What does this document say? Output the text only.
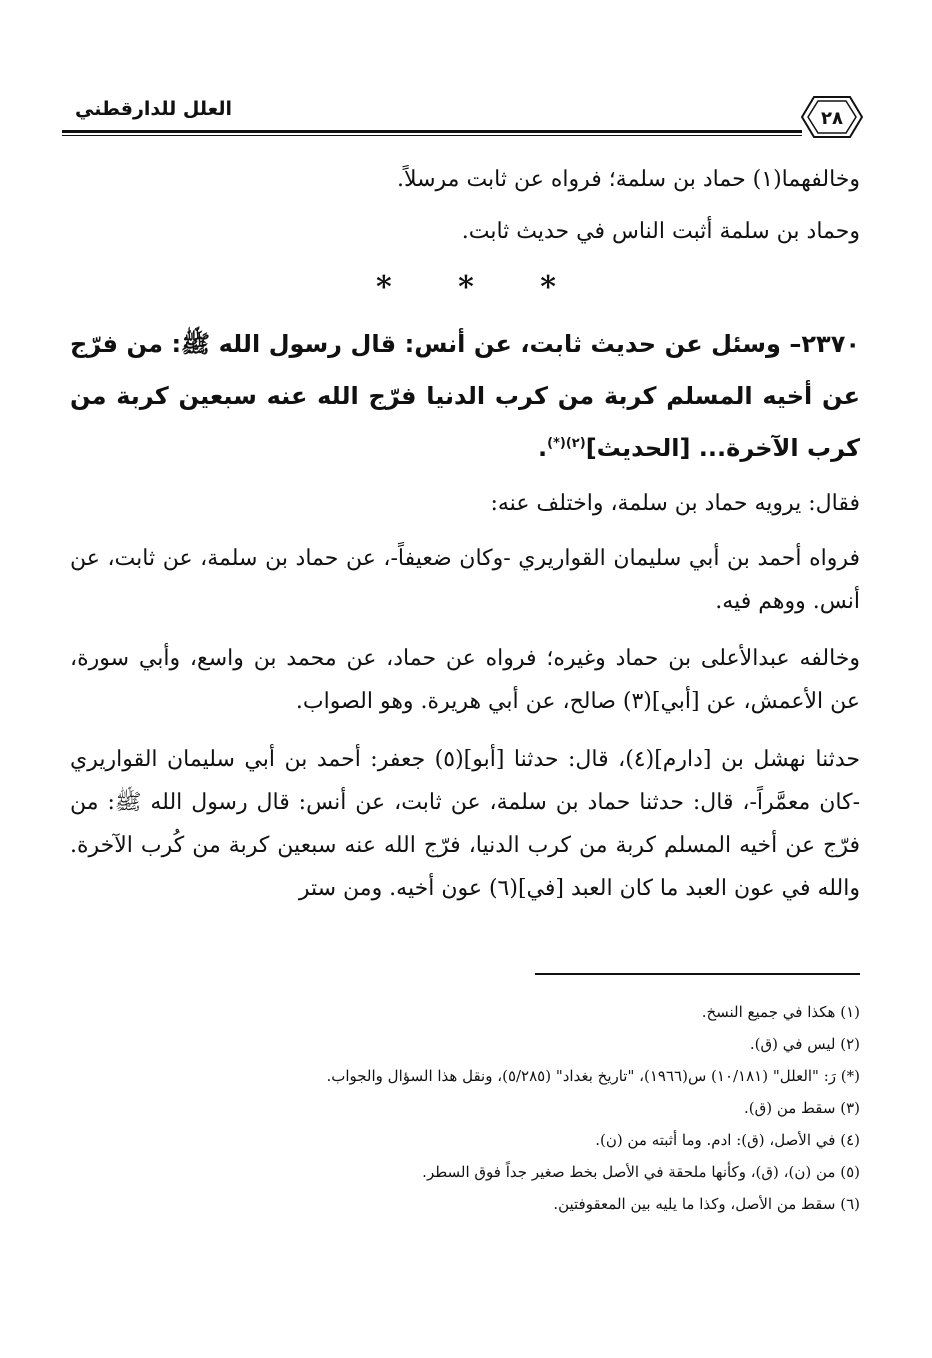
٢٨
العلل للدارقطني
وخالفهما(١) حماد بن سلمة؛ فرواه عن ثابت مرسلاً.
وحماد بن سلمة أثبت الناس في حديث ثابت.
* * *
٢٣٧٠– وسئل عن حديث ثابت، عن أنس: قال رسول الله ﷺ: من فرّج عن أخيه المسلم كربة من كرب الدنيا فرّج الله عنه سبعين كربة من كرب الآخرة... [الحديث]$^{(٢)(*)}$.
فقال: يرويه حماد بن سلمة، واختلف عنه:
فرواه أحمد بن أبي سليمان القواريري -وكان ضعيفاً-، عن حماد بن سلمة، عن ثابت، عن أنس. ووهم فيه.
وخالفه عبدالأعلى بن حماد وغيره؛ فرواه عن حماد، عن محمد بن واسع، وأبي سورة، عن الأعمش، عن [أبي](٣) صالح، عن أبي هريرة. وهو الصواب.
حدثنا نهشل بن [دارم](٤)، قال: حدثنا [أبو](٥) جعفر: أحمد بن أبي سليمان القواريري -كان معمَّراً-، قال: حدثنا حماد بن سلمة، عن ثابت، عن أنس: قال رسول الله ﷺ: من فرّج عن أخيه المسلم كربة من كرب الدنيا، فرّج الله عنه سبعين كربة من كُرب الآخرة. والله في عون العبد ما كان العبد [في](٦) عون أخيه. ومن ستر
(١) هكذا في جميع النسخ.
(٢) ليس في (ق).
(*) رَ: "العلل" (١٠/١٨١) س(١٩٦٦)، "تاريخ بغداد" (٥/٢٨٥)، ونقل هذا السؤال والجواب.
(٣) سقط من (ق).
(٤) في الأصل، (ق): ادم. وما أثبته من (ن).
(٥) من (ن)، (ق)، وكأنها ملحقة في الأصل بخط صغير جداً فوق السطر.
(٦) سقط من الأصل، وكذا ما يليه بين المعقوفتين.
